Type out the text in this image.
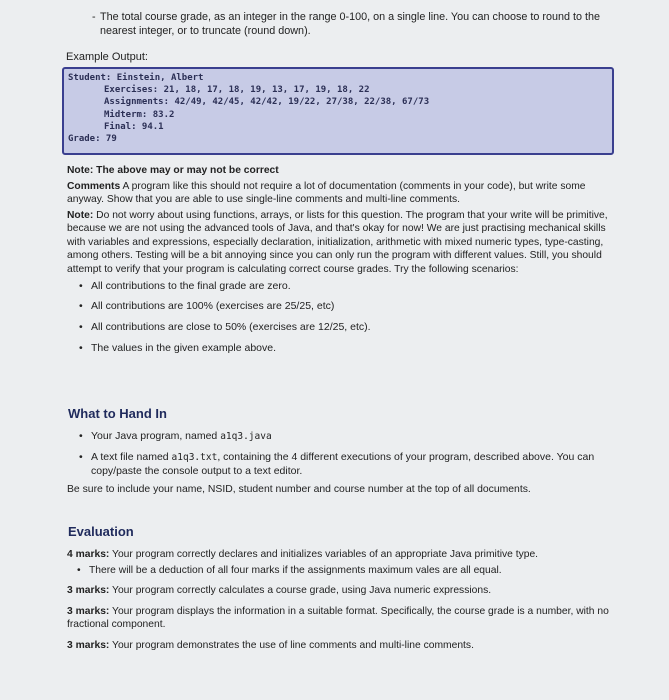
- The total course grade, as an integer in the range 0-100, on a single line. You can choose to round to the nearest integer, or to truncate (round down).
Example Output:
Student: Einstein, Albert
Exercises: 21, 18, 17, 18, 19, 13, 17, 19, 18, 22
Assignments: 42/49, 42/45, 42/42, 19/22, 27/38, 22/38, 67/73
Midterm: 83.2
Final: 94.1
Grade: 79

Note: The above may or may not be correct

Comments A program like this should not require a lot of documentation (comments in your code), but write some anyway. Show that you are able to use single-line comments and multi-line comments.

Note: Do not worry about using functions, arrays, or lists for this question. The program that your write will be primitive, because we are not using the advanced tools of Java, and that's okay for now! We are just practising mechanical skills with variables and expressions, especially declaration, initialization, arithmetic with mixed numeric types, type-casting, among others. Testing will be a bit annoying since you can only run the program with different values. Still, you should attempt to verify that your program is calculating correct course grades. Try the following scenarios:

• All contributions to the final grade are zero.
• All contributions are 100% (exercises are 25/25, etc)
• All contributions are close to 50% (exercises are 12/25, etc).
• The values in the given example above.
What to Hand In
• Your Java program, named a1q3.java
• A text file named a1q3.txt, containing the 4 different executions of your program, described above. You can copy/paste the console output to a text editor.
Be sure to include your name, NSID, student number and course number at the top of all documents.
Evaluation

4 marks: Your program correctly declares and initializes variables of an appropriate Java primitive type.

• There will be a deduction of all four marks if the assignments maximum vales are all equal.

3 marks: Your program correctly calculates a course grade, using Java numeric expressions.

3 marks: Your program displays the information in a suitable format. Specifically, the course grade is a number, with no fractional component.

3 marks: Your program demonstrates the use of line comments and multi-line comments.
